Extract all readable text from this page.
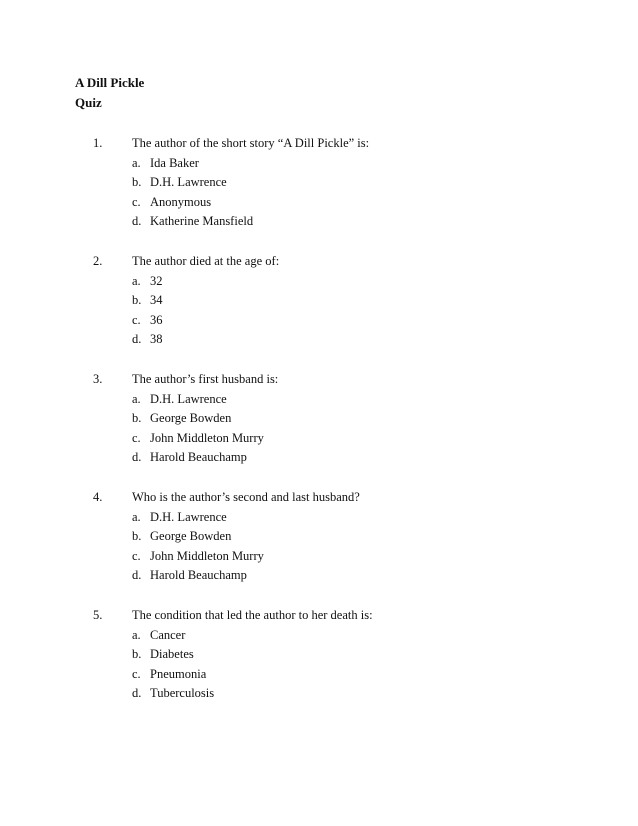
A Dill Pickle
Quiz
1. The author of the short story “A Dill Pickle” is:
a. Ida Baker
b. D.H. Lawrence
c. Anonymous
d. Katherine Mansfield
2. The author died at the age of:
a. 32
b. 34
c. 36
d. 38
3. The author’s first husband is:
a. D.H. Lawrence
b. George Bowden
c. John Middleton Murry
d. Harold Beauchamp
4. Who is the author’s second and last husband?
a. D.H. Lawrence
b. George Bowden
c. John Middleton Murry
d. Harold Beauchamp
5. The condition that led the author to her death is:
a. Cancer
b. Diabetes
c. Pneumonia
d. Tuberculosis
